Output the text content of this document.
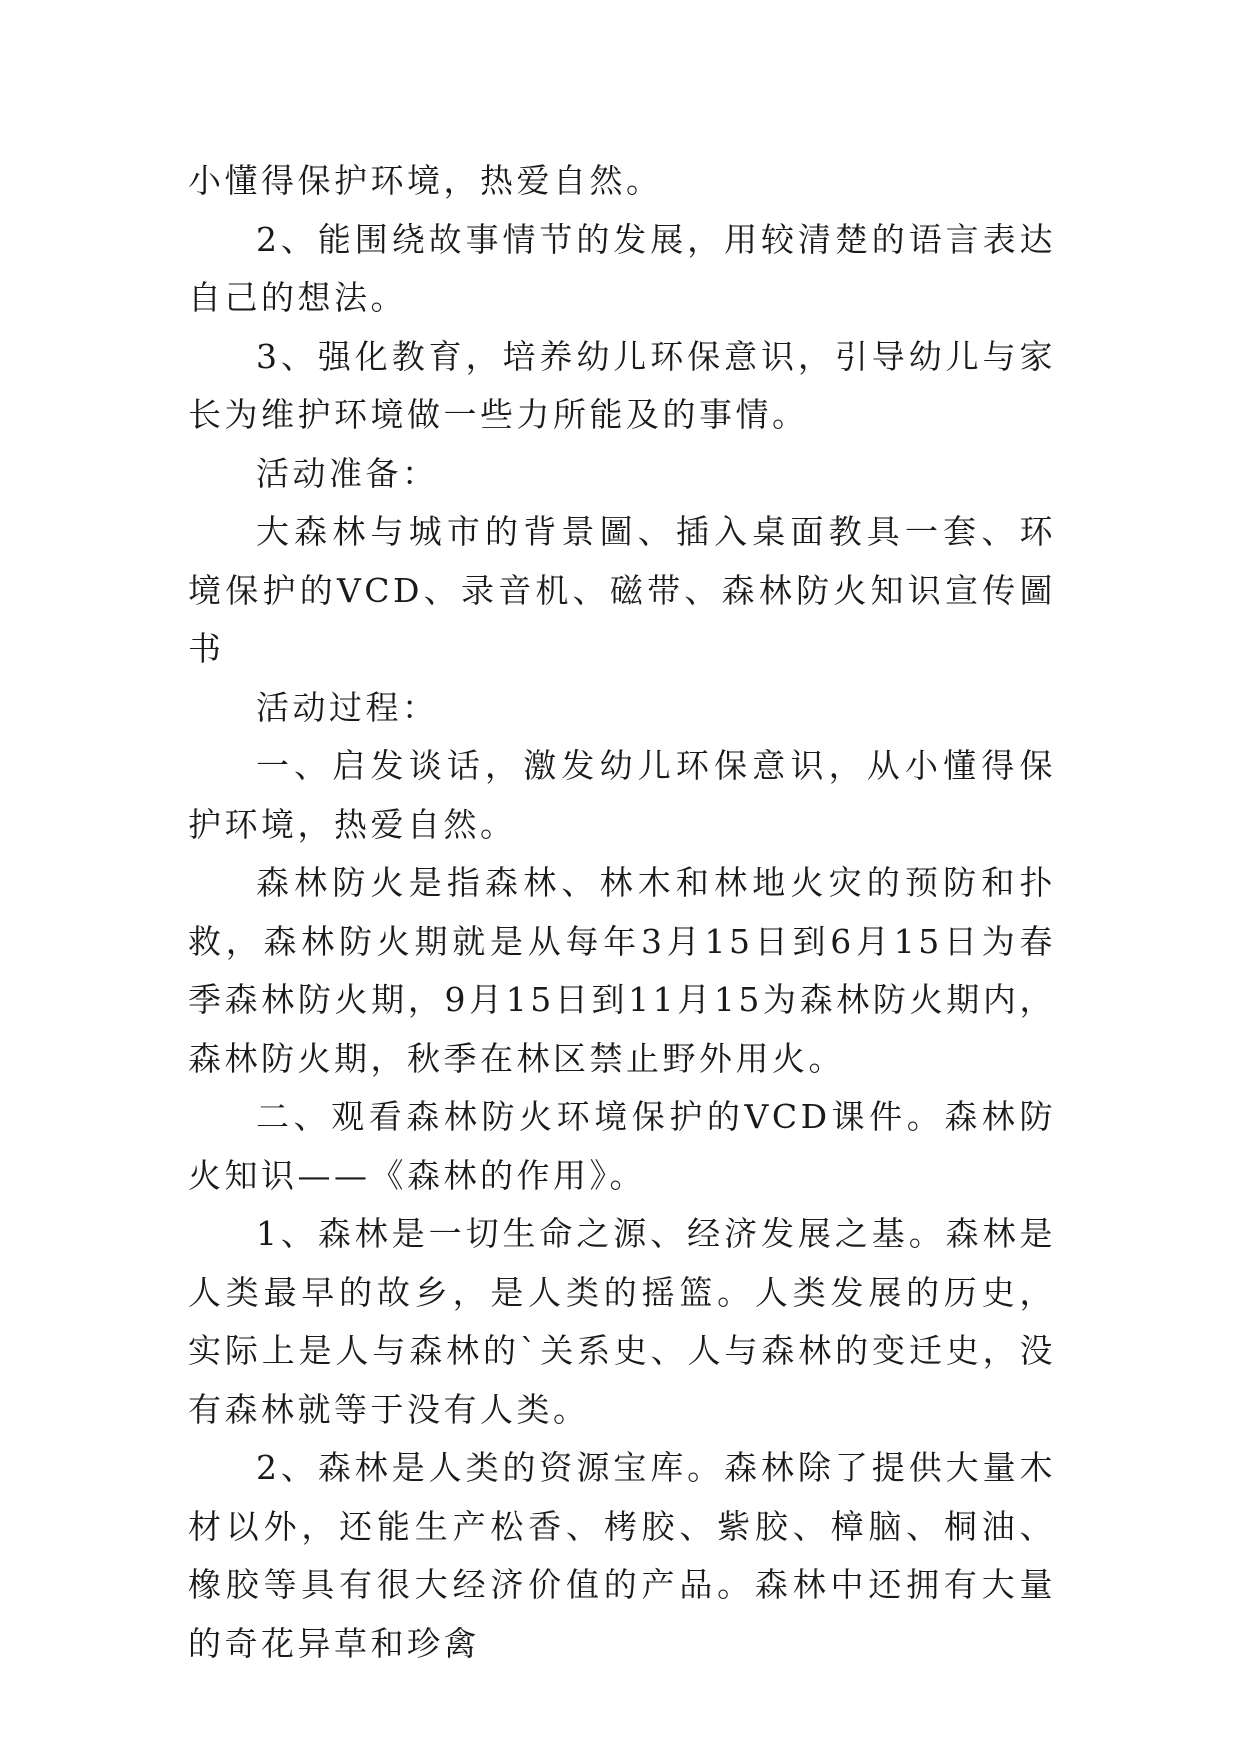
小懂得保护环境，热爱自然。

2、能围绕故事情节的发展，用较清楚的语言表达自己的想法。

3、强化教育，培养幼儿环保意识，引导幼儿与家长为维护环境做一些力所能及的事情。

活动准备：

大森林与城市的背景圖、插入桌面教具一套、环境保护的VCD、录音机、磁带、森林防火知识宣传圖书

活动过程：

一、启发谈话，激发幼儿环保意识，从小懂得保护环境，热爱自然。

森林防火是指森林、林木和林地火灾的预防和扑救，森林防火期就是从每年3月15日到6月15日为春季森林防火期，9月15日到11月15为森林防火期内，森林防火期，秋季在林区禁止野外用火。

二、观看森林防火环境保护的VCD课件。森林防火知识——《森林的作用》。

1、森林是一切生命之源、经济发展之基。森林是人类最早的故乡，是人类的摇篮。人类发展的历史，实际上是人与森林的`关系史、人与森林的变迁史，没有森林就等于没有人类。

2、森林是人类的资源宝库。森林除了提供大量木材以外，还能生产松香、栲胶、紫胶、樟脑、桐油、橡胶等具有很大经济价值的产品。森林中还拥有大量的奇花异草和珍禽
